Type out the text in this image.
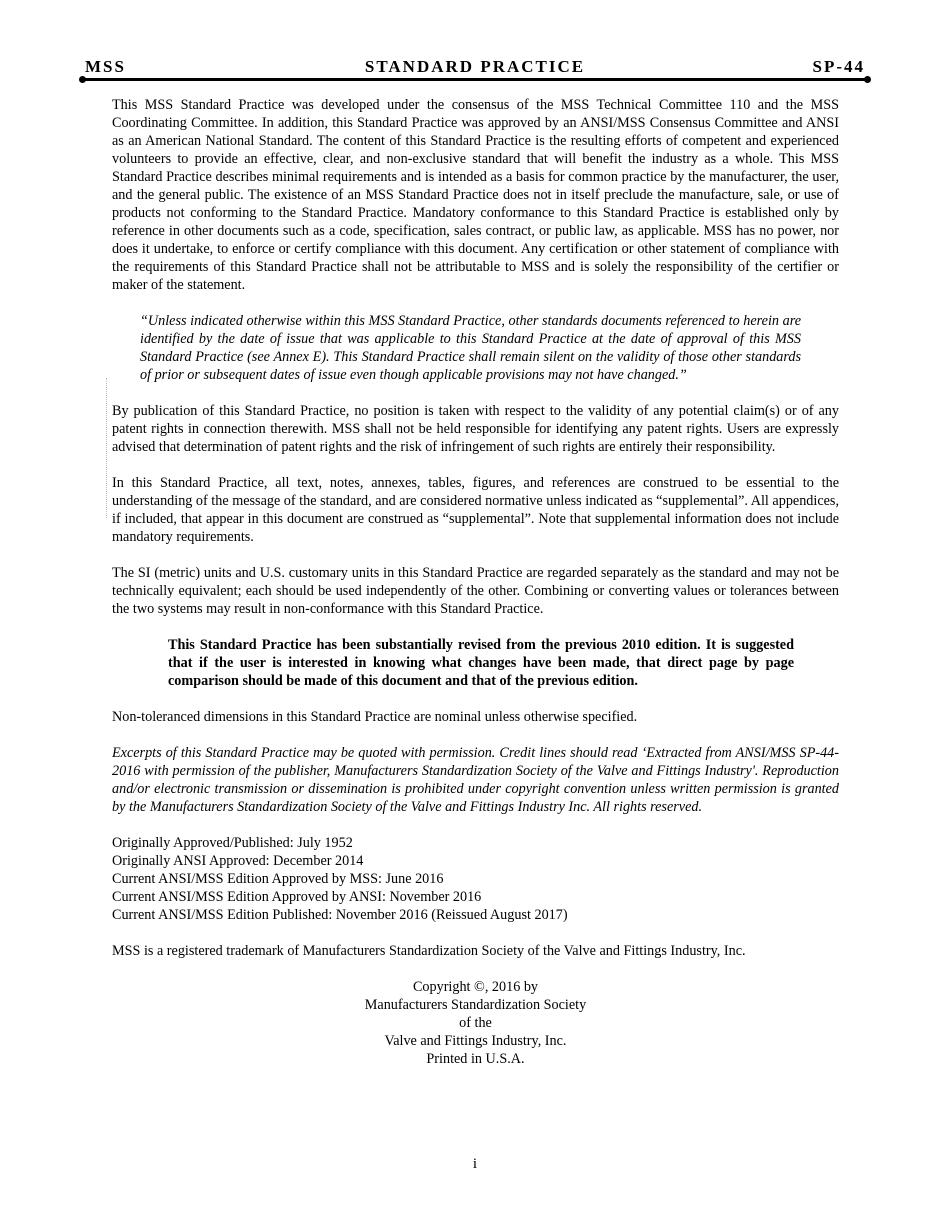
MSS	STANDARD PRACTICE	SP-44

This MSS Standard Practice was developed under the consensus of the MSS Technical Committee 110 and the MSS Coordinating Committee. In addition, this Standard Practice was approved by an ANSI/MSS Consensus Committee and ANSI as an American National Standard. The content of this Standard Practice is the resulting efforts of competent and experienced volunteers to provide an effective, clear, and non-exclusive standard that will benefit the industry as a whole. This MSS Standard Practice describes minimal requirements and is intended as a basis for common practice by the manufacturer, the user, and the general public. The existence of an MSS Standard Practice does not in itself preclude the manufacture, sale, or use of products not conforming to the Standard Practice. Mandatory conformance to this Standard Practice is established only by reference in other documents such as a code, specification, sales contract, or public law, as applicable. MSS has no power, nor does it undertake, to enforce or certify compliance with this document. Any certification or other statement of compliance with the requirements of this Standard Practice shall not be attributable to MSS and is solely the responsibility of the certifier or maker of the statement.

“Unless indicated otherwise within this MSS Standard Practice, other standards documents referenced to herein are identified by the date of issue that was applicable to this Standard Practice at the date of approval of this MSS Standard Practice (see Annex E). This Standard Practice shall remain silent on the validity of those other standards of prior or subsequent dates of issue even though applicable provisions may not have changed.”

By publication of this Standard Practice, no position is taken with respect to the validity of any potential claim(s) or of any patent rights in connection therewith. MSS shall not be held responsible for identifying any patent rights. Users are expressly advised that determination of patent rights and the risk of infringement of such rights are entirely their responsibility.

In this Standard Practice, all text, notes, annexes, tables, figures, and references are construed to be essential to the understanding of the message of the standard, and are considered normative unless indicated as “supplemental”. All appendices, if included, that appear in this document are construed as “supplemental”. Note that supplemental information does not include mandatory requirements.

The SI (metric) units and U.S. customary units in this Standard Practice are regarded separately as the standard and may not be technically equivalent; each should be used independently of the other. Combining or converting values or tolerances between the two systems may result in non-conformance with this Standard Practice.

This Standard Practice has been substantially revised from the previous 2010 edition. It is suggested that if the user is interested in knowing what changes have been made, that direct page by page comparison should be made of this document and that of the previous edition.

Non-toleranced dimensions in this Standard Practice are nominal unless otherwise specified.

Excerpts of this Standard Practice may be quoted with permission. Credit lines should read ‘Extracted from ANSI/MSS SP-44-2016 with permission of the publisher, Manufacturers Standardization Society of the Valve and Fittings Industry'. Reproduction and/or electronic transmission or dissemination is prohibited under copyright convention unless written permission is granted by the Manufacturers Standardization Society of the Valve and Fittings Industry Inc. All rights reserved.

Originally Approved/Published: July 1952
Originally ANSI Approved: December 2014
Current ANSI/MSS Edition Approved by MSS: June 2016
Current ANSI/MSS Edition Approved by ANSI: November 2016
Current ANSI/MSS Edition Published: November 2016 (Reissued August 2017)

MSS is a registered trademark of Manufacturers Standardization Society of the Valve and Fittings Industry, Inc.

Copyright ©, 2016 by
Manufacturers Standardization Society
of the
Valve and Fittings Industry, Inc.
Printed in U.S.A.
i
